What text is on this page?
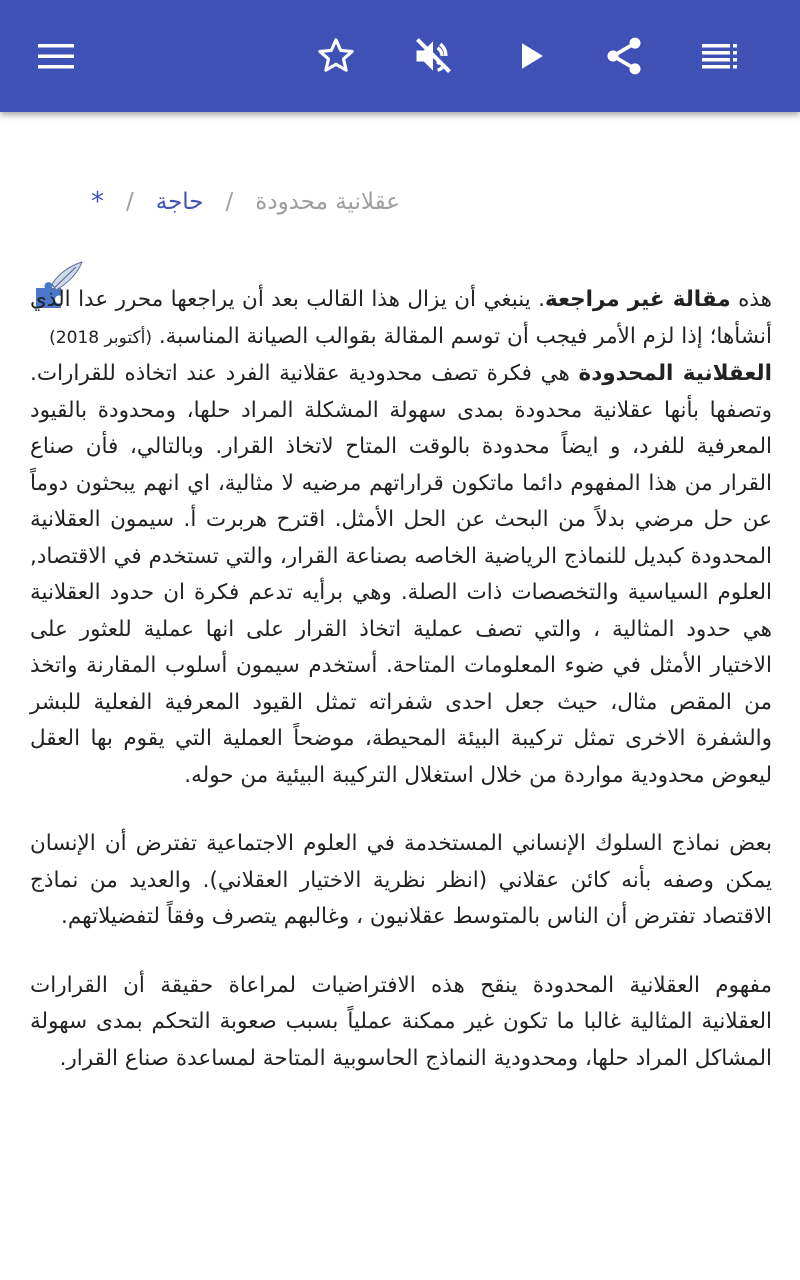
عقلانية محدودة
/
حاجة
/
*

هذه مقالة غير مراجعة. ينبغي أن يزال هذا القالب بعد أن يراجعها محرر عدا الذي أنشأها؛ إذا لزم الأمر فيجب أن توسم المقالة بقوالب الصيانة المناسبة. (أكتوبر 2018)

العقلانية المحدودة هي فكرة تصف محدودية عقلانية الفرد عند اتخاذه للقرارات. وتصفها بأنها عقلانية محدودة بمدى سهولة المشكلة المراد حلها، ومحدودة بالقيود المعرفية للفرد، و ايضاً محدودة بالوقت المتاح لاتخاذ القرار. وبالتالي، فأن صناع القرار من هذا المفهوم دائما ماتكون قراراتهم مرضيه لا مثالية، اي انهم يبحثون دوماً عن حل مرضي بدلاً من البحث عن الحل الأمثل. اقترح هربرت أ. سيمون العقلانية المحدودة كبديل للنماذج الرياضية الخاصه بصناعة القرار، والتي تستخدم في الاقتصاد, العلوم السياسية والتخصصات ذات الصلة. وهي برأيه تدعم فكرة ان حدود العقلانية هي حدود المثالية ، والتي تصف عملية اتخاذ القرار على انها عملية للعثور على الاختيار الأمثل في ضوء المعلومات المتاحة. أستخدم سيمون أسلوب المقارنة واتخذ من المقص مثال، حيث جعل احدى شفراته تمثل القيود المعرفية الفعلية للبشر والشفرة الاخرى تمثل تركيبة البيئة المحيطة، موضحاً العملية التي يقوم بها العقل ليعوض محدودية مواردة من خلال استغلال التركيبة البيئية من حوله.

بعض نماذج السلوك الإنساني المستخدمة في العلوم الاجتماعية تفترض أن الإنسان يمكن وصفه بأنه كائن عقلاني (انظر نظرية الاختيار العقلاني). والعديد من نماذج الاقتصاد تفترض أن الناس بالمتوسط عقلانيون ، وغالبهم يتصرف وفقاً لتفضيلاتهم.

مفهوم العقلانية المحدودة ينقح هذه الافتراضيات لمراعاة حقيقة أن القرارات العقلانية المثالية غالبا ما تكون غير ممكنة عملياً بسبب صعوبة التحكم بمدى سهولة المشاكل المراد حلها، ومحدودية النماذج الحاسوبية المتاحة لمساعدة صناع القرار.
